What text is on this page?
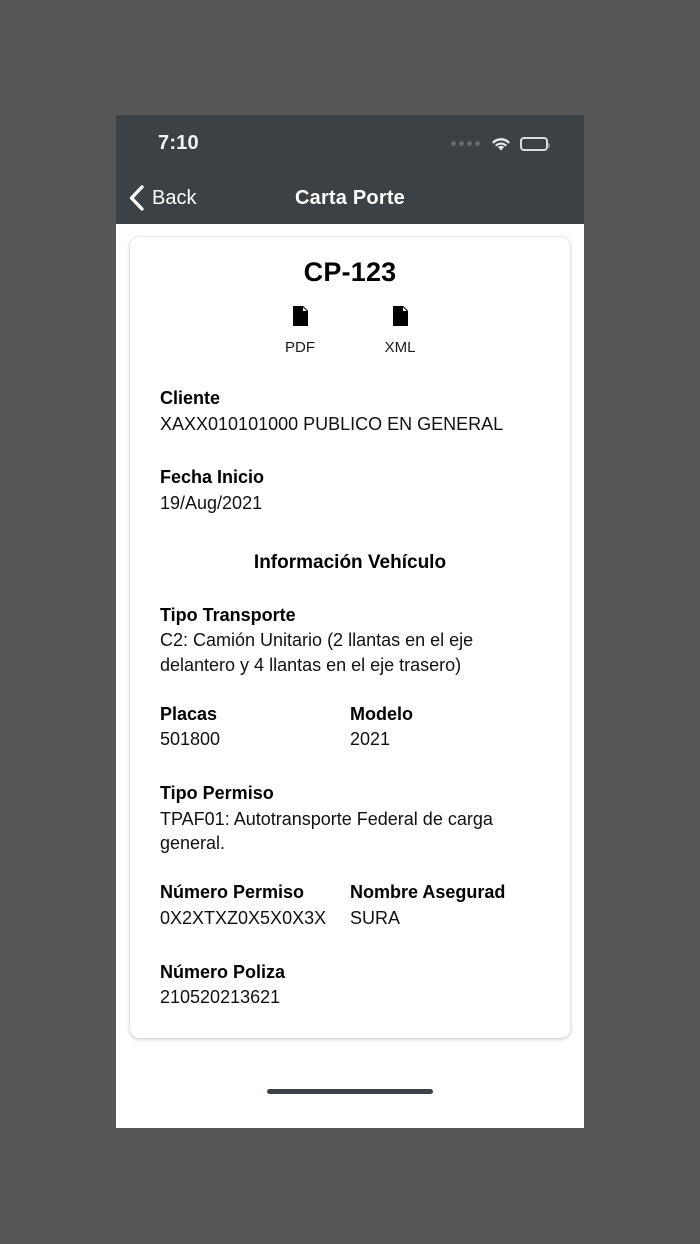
7:10
Back	Carta Porte
CP-123
PDF	XML
Cliente
XAXX010101000 PUBLICO EN GENERAL
Fecha Inicio
19/Aug/2021
Información Vehículo
Tipo Transporte
C2: Camión Unitario (2 llantas en el eje delantero y 4 llantas en el eje trasero)
Placas
501800
Modelo
2021
Tipo Permiso
TPAF01: Autotransporte Federal de carga general.
Número Permiso
0X2XTXZ0X5X0X3X
Nombre Asegurad
SURA
Número Poliza
210520213621
